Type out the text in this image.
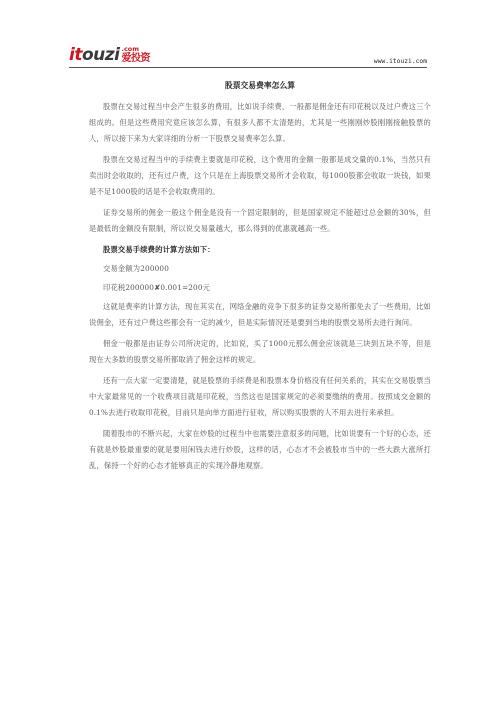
itouzi .com
爱投资	www.itouzi.com
股票交易费率怎么算

股票在交易过程当中会产生很多的费用，比如说手续费，一般都是佣金还有印花税以及过户费这三个组成的。但是这些费用究竟应该怎么算，有很多人都不太清楚的，尤其是一些刚刚炒股刚刚接触股票的人，所以接下来为大家详细的分析一下股票交易费率怎么算。

股票在交易过程当中的手续费主要就是印花税，这个费用的金额一般都是成交量的0.1%，当然只有卖出时会收取的，还有过户费，这个只是在上海股票交易所才会收取，每1000股都会收取一块钱，如果是不足1000股的话是不会收取费用的。

证券交易所的佣金一般这个佣金是没有一个固定限制的，但是国家规定不能超过总金额的30%，但是最低的金额没有限制，所以说交易量越大，那么得到的优惠就越高一些。

股票交易手续费的计算方法如下：

交易金额为200000

印花税200000✘0.001=200元

这就是费率的计算方法，现在其实在，网络金融的竞争下很多的证券交易所都免去了一些费用，比如说佣金，还有过户费这些都会有一定的减少，但是实际情况还是要到当地的股票交易所去进行询问。

佣金一般都是由证券公司所决定的，比如说，买了1000元那么佣金应该就是三块到五块不等，但是现在大多数的股票交易所都取消了佣金这样的规定。

还有一点大家一定要清楚，就是股票的手续费是和股票本身价格没有任何关系的，其实在交易股票当中大家最常见的一个收费项目就是印花税，当然这也是国家规定的必须要缴纳的费用。按照成交金额的0.1%去进行收取印花税，目前只是向单方面进行征收，所以购买股票的人不用去进行来承担。

随着股市的不断兴起，大家在炒股的过程当中也需要注意很多的问题，比如说要有一个好的心态，还有就是炒股最重要的就是要用闲钱去进行炒股，这样的话，心态才不会被股市当中的一些大跌大涨所打乱，保持一个好的心态才能够真正的实现冷静地观察。
